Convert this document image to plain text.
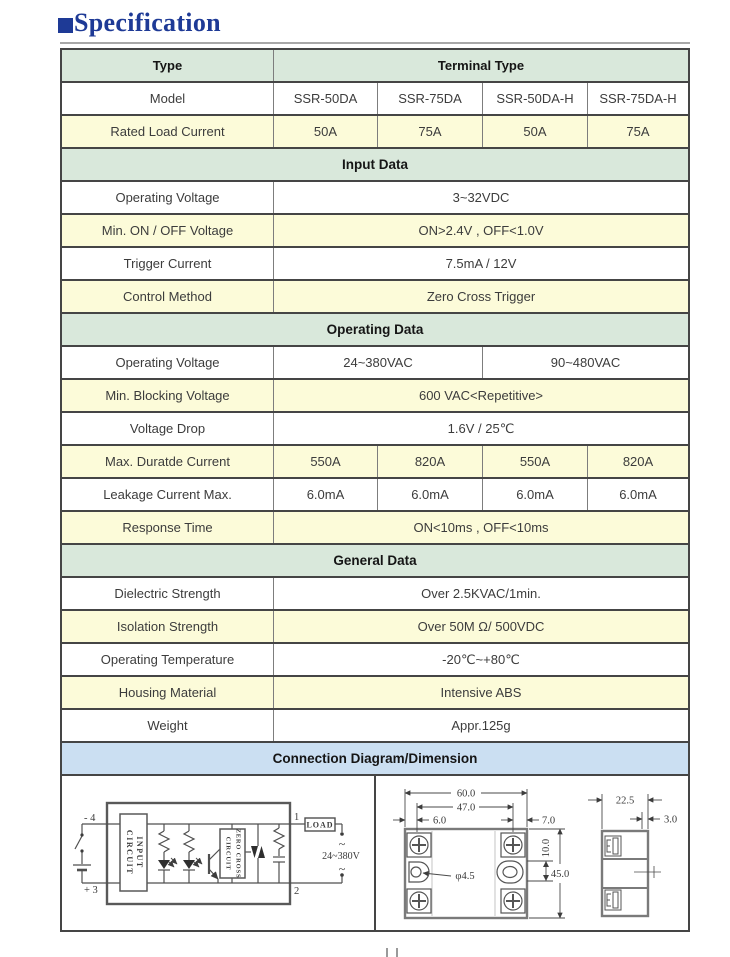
Specification
Type	Terminal Type
Model	SSR-50DA	SSR-75DA	SSR-50DA-H	SSR-75DA-H
Rated Load Current	50A	75A	50A	75A
Input Data
Operating Voltage	3~32VDC
Min. ON / OFF Voltage	ON>2.4V , OFF<1.0V
Trigger Current	7.5mA / 12V
Control Method	Zero Cross Trigger
Operating Data
Operating Voltage	24~380VAC	90~480VAC
Min. Blocking Voltage	600 VAC<Repetitive>
Voltage Drop	1.6V / 25℃
Max. Duratde Current	550A	820A	550A	820A
Leakage Current Max.	6.0mA	6.0mA	6.0mA	6.0mA
Response Time	ON<10ms , OFF<10ms
General Data
Dielectric Strength	Over 2.5KVAC/1min.
Isolation Strength	Over 50M Ω/ 500VDC
Operating Temperature	-20℃~+80℃
Housing Material	Intensive ABS
Weight	Appr.125g
Connection Diagram/Dimension
INPUT
CIRCUIT	ZERO CROSS
CIRCUIT
LOAD
~
24~380V
~
- 4
+ 3
1
2
60.0
47.0
6.0	7.0
10.0
45.0
φ4.5
22.5
3.0
